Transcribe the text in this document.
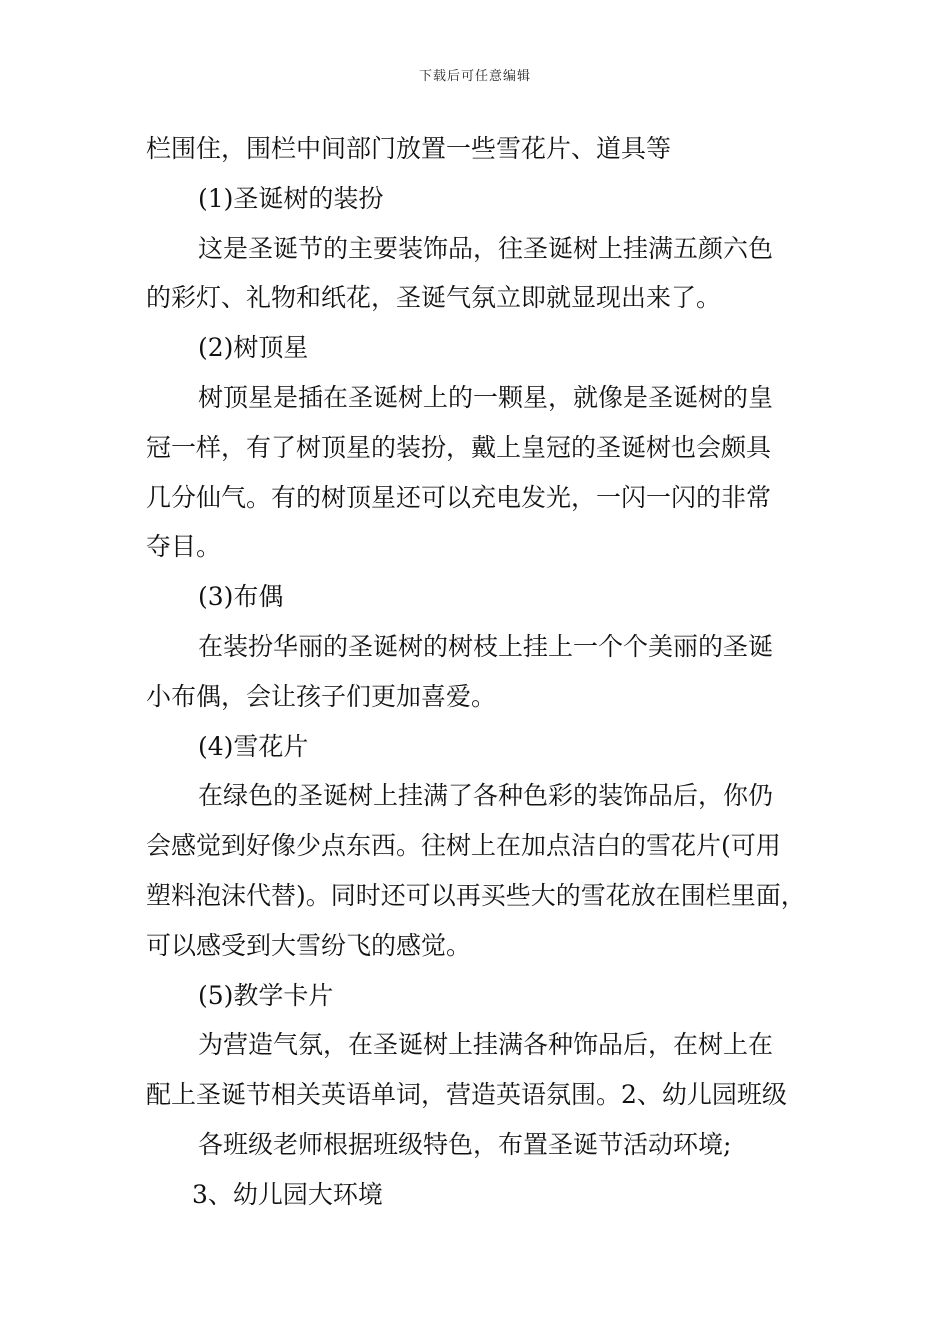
下载后可任意编辑
栏围住，围栏中间部门放置一些雪花片、道具等
(1)圣诞树的装扮
这是圣诞节的主要装饰品，往圣诞树上挂满五颜六色
的彩灯、礼物和纸花，圣诞气氛立即就显现出来了。
(2)树顶星
树顶星是插在圣诞树上的一颗星，就像是圣诞树的皇
冠一样，有了树顶星的装扮，戴上皇冠的圣诞树也会颇具
几分仙气。有的树顶星还可以充电发光，一闪一闪的非常
夺目。
(3)布偶
在装扮华丽的圣诞树的树枝上挂上一个个美丽的圣诞
小布偶，会让孩子们更加喜爱。
(4)雪花片
在绿色的圣诞树上挂满了各种色彩的装饰品后，你仍
会感觉到好像少点东西。往树上在加点洁白的雪花片(可用
塑料泡沫代替)。同时还可以再买些大的雪花放在围栏里面，
可以感受到大雪纷飞的感觉。
(5)教学卡片
为营造气氛，在圣诞树上挂满各种饰品后，在树上在
配上圣诞节相关英语单词，营造英语氛围。2、幼儿园班级
各班级老师根据班级特色，布置圣诞节活动环境;
3、幼儿园大环境
